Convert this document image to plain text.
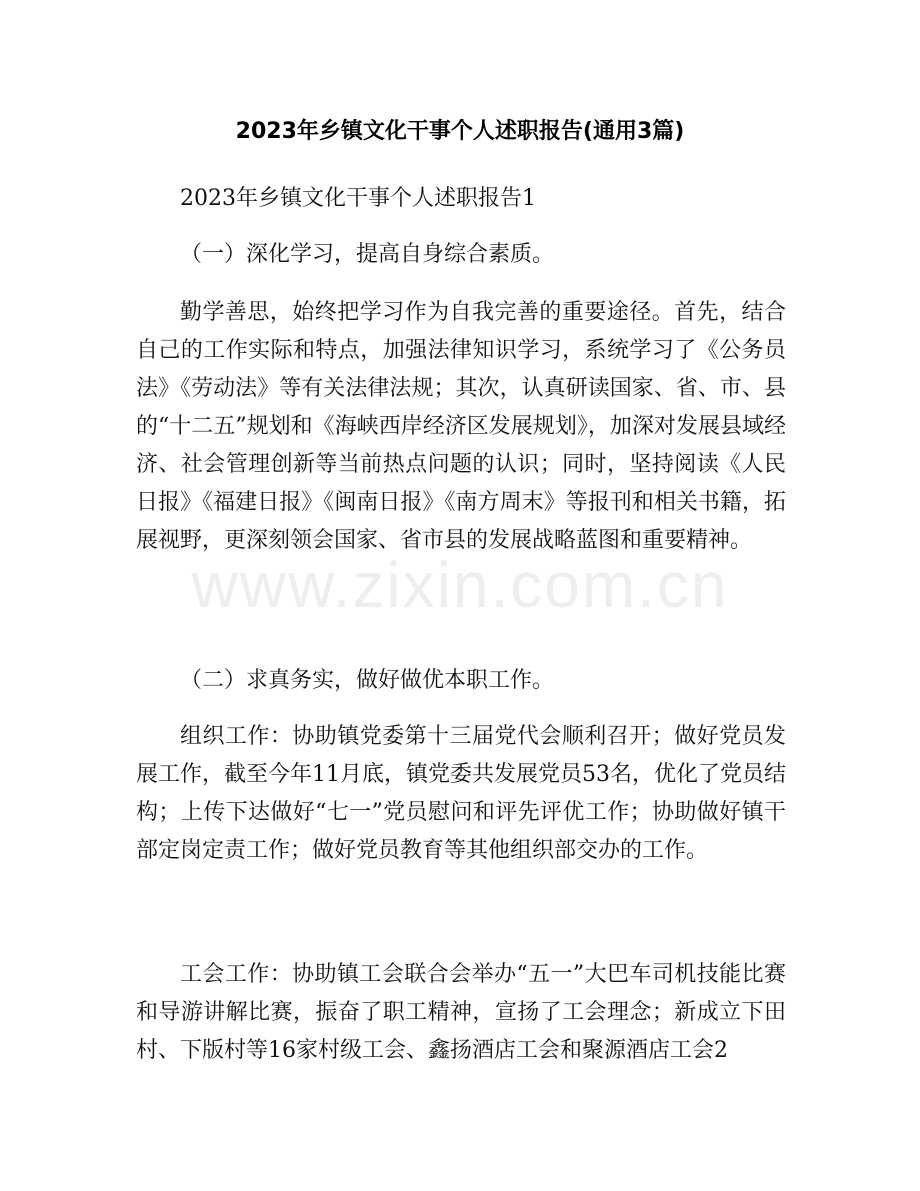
www.zixin.com.cn
2023年乡镇文化干事个人述职报告(通用3篇)

2023年乡镇文化干事个人述职报告1

（一）深化学习，提高自身综合素质。

勤学善思，始终把学习作为自我完善的重要途径。首先，结合自己的工作实际和特点，加强法律知识学习，系统学习了《公务员法》《劳动法》等有关法律法规；其次，认真研读国家、省、市、县的“十二五”规划和《海峡西岸经济区发展规划》，加深对发展县域经济、社会管理创新等当前热点问题的认识；同时，坚持阅读《人民日报》《福建日报》《闽南日报》《南方周末》等报刊和相关书籍，拓展视野，更深刻领会国家、省市县的发展战略蓝图和重要精神。

（二）求真务实，做好做优本职工作。

组织工作：协助镇党委第十三届党代会顺利召开；做好党员发展工作，截至今年11月底，镇党委共发展党员53名，优化了党员结构；上传下达做好“七一”党员慰问和评先评优工作；协助做好镇干部定岗定责工作；做好党员教育等其他组织部交办的工作。

工会工作：协助镇工会联合会举办“五一”大巴车司机技能比赛和导游讲解比赛，振奋了职工精神，宣扬了工会理念；新成立下田村、下版村等16家村级工会、鑫扬酒店工会和聚源酒店工会2
